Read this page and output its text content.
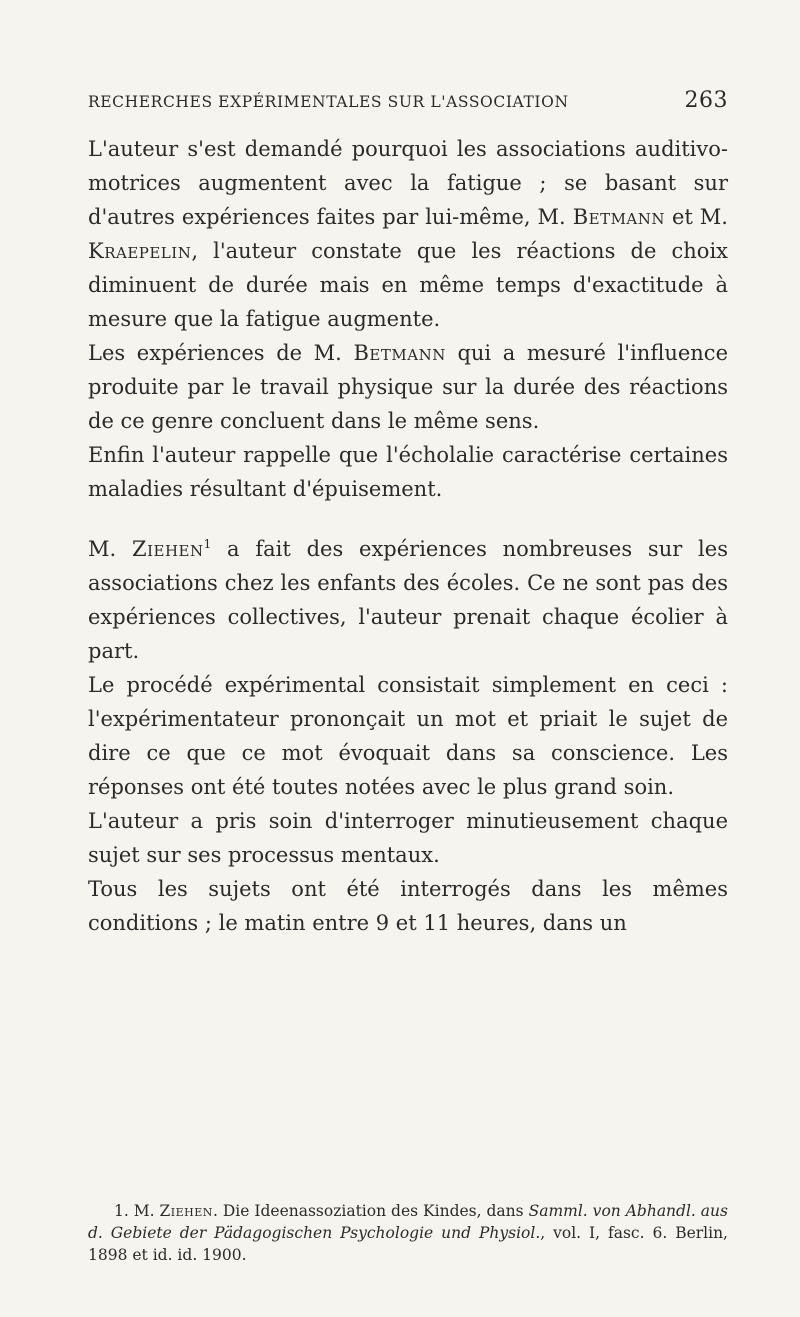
RECHERCHES EXPÉRIMENTALES SUR L'ASSOCIATION	263

L'auteur s'est demandé pourquoi les associations auditivo-motrices augmentent avec la fatigue ; se basant sur d'autres expériences faites par lui-même, M. Betmann et M. Kraepelin, l'auteur constate que les réactions de choix diminuent de durée mais en même temps d'exactitude à mesure que la fatigue augmente.

Les expériences de M. Betmann qui a mesuré l'influence produite par le travail physique sur la durée des réactions de ce genre concluent dans le même sens.

Enfin l'auteur rappelle que l'écholalie caractérise certaines maladies résultant d'épuisement.

M. Ziehen$^1$ a fait des expériences nombreuses sur les associations chez les enfants des écoles. Ce ne sont pas des expériences collectives, l'auteur prenait chaque écolier à part.

Le procédé expérimental consistait simplement en ceci : l'expérimentateur prononçait un mot et priait le sujet de dire ce que ce mot évoquait dans sa conscience. Les réponses ont été toutes notées avec le plus grand soin.

L'auteur a pris soin d'interroger minutieusement chaque sujet sur ses processus mentaux.

Tous les sujets ont été interrogés dans les mêmes conditions ; le matin entre 9 et 11 heures, dans un

1. M. Ziehen. Die Ideenassoziation des Kindes, dans Samml. von Abhandl. aus d. Gebiete der Pädagogischen Psychologie und Physiol., vol. I, fasc. 6. Berlin, 1898 et id. id. 1900.
